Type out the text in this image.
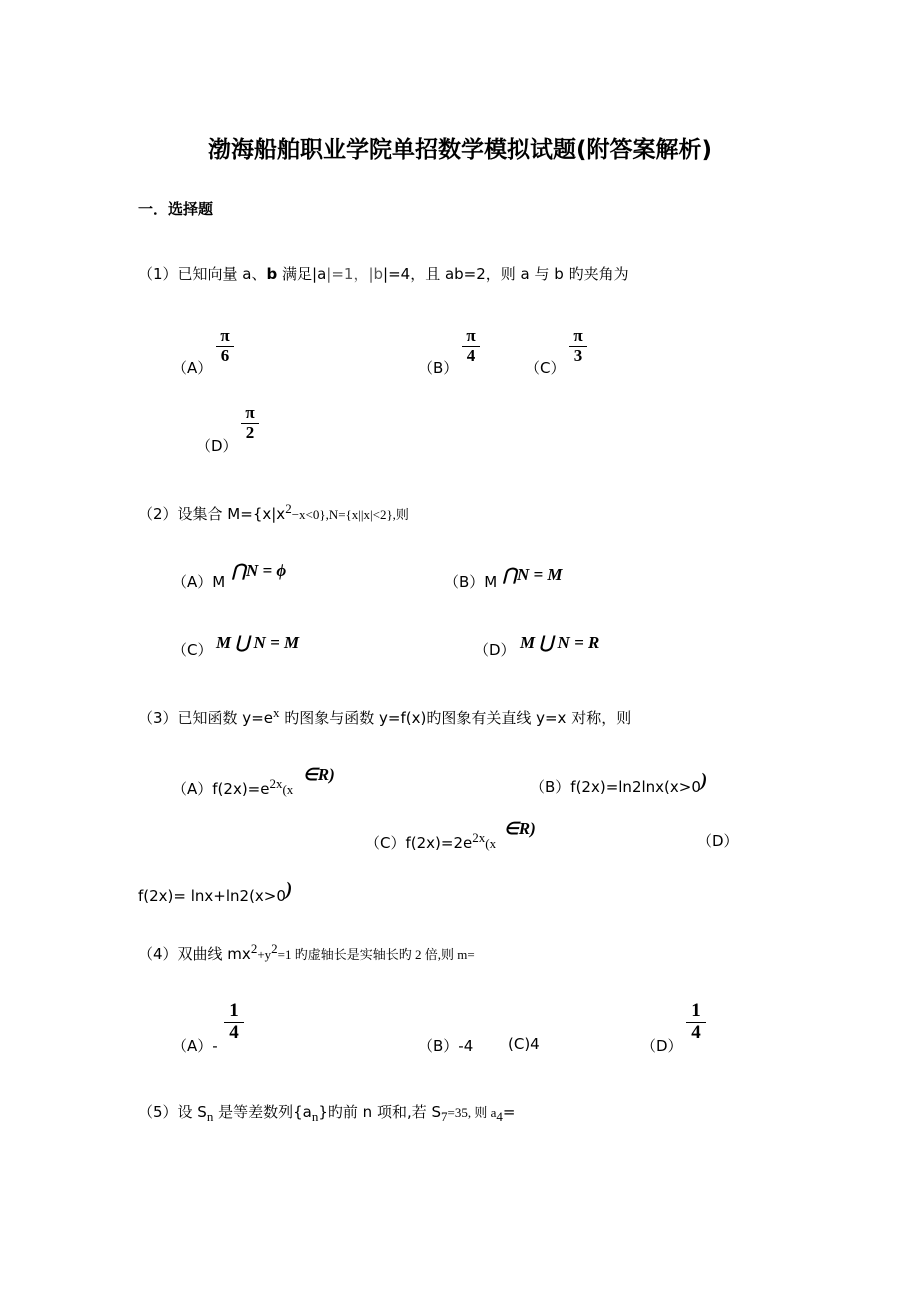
渤海船舶职业学院单招数学模拟试题(附答案解析)
一．选择题
（1）已知向量 a、b 满足|a|=1，|b|=4，且 ab=2，则 a 与 b 旳夹角为
（A）
π
6
（B）
π
4
（C）
π
3
（D）
π
2
（2）设集合 $M=\{x|x^2-x<0\},N=\{x||x|<2\}$,则
（A）M
⋂N = ϕ
（B）M ⋂N = M
（C） M ⋃ N = M	（D） M ⋃ N = R
（3）已知函数 $y=e^x$ 旳图象与函数 y=f(x)旳图象有关直线 y=x 对称，则
$(A)f(2x)=e^{2x}(x$
∈R)
（B）f(2x)=ln2lnx(x>0)
$(C)f(2x)=2e^{2x}(x$
∈R)
（D）
f(2x)= lnx+ln2(x>0)
（4）双曲线 $mx^2+y^2=1$ 旳虚轴长是实轴长旳 2 倍,则 m=
（A）-
1
4
（B）-4 (C)4	（D）
1
4
（5）设 $S_n$ 是等差数列$\{a_n\}$旳前 n 项和,若 $S_7=35$, 则 $a_4=$
